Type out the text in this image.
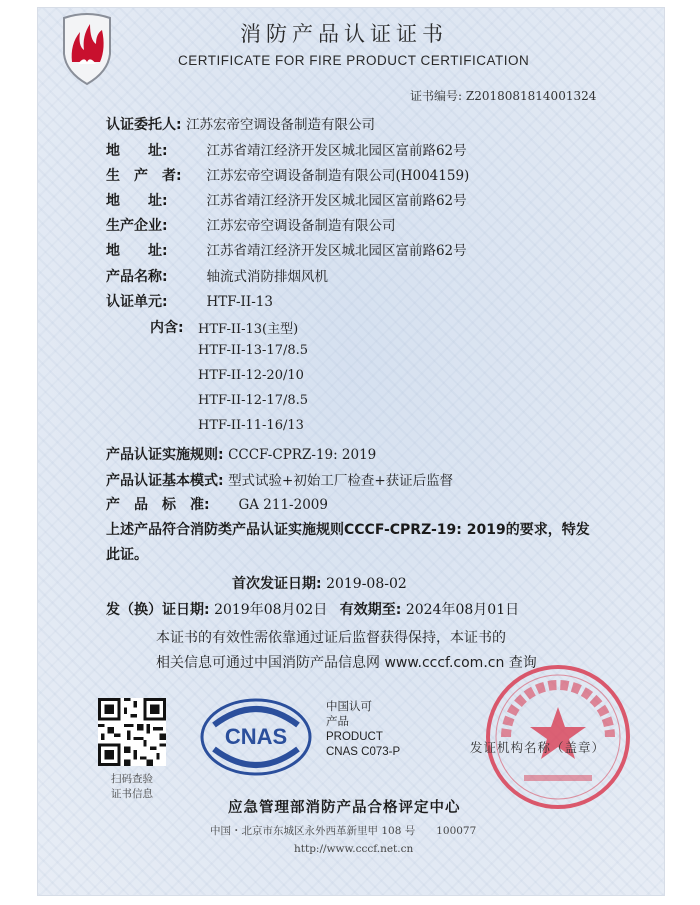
消防产品认证证书
CERTIFICATE FOR FIRE PRODUCT CERTIFICATION
证书编号: Z2018081814001324
认证委托人: 江苏宏帝空调设备制造有限公司
地　　址:	江苏省靖江经济开发区城北园区富前路62号
生　产　者: 江苏宏帝空调设备制造有限公司(H004159)
地　　址:	江苏省靖江经济开发区城北园区富前路62号
生产企业:	江苏宏帝空调设备制造有限公司
地　　址:	江苏省靖江经济开发区城北园区富前路62号
产品名称:	轴流式消防排烟风机
认证单元:	HTF-II-13
内含: HTF-II-13(主型)
HTF-II-13-17/8.5
HTF-II-12-20/10
HTF-II-12-17/8.5
HTF-II-11-16/13
产品认证实施规则: CCCF-CPRZ-19: 2019
产品认证基本模式: 型式试验+初始工厂检查+获证后监督
产　品　标　准: GA 211-2009
上述产品符合消防类产品认证实施规则CCCF-CPRZ-19: 2019的要求，特发
此证。
首次发证日期: 2019-08-02
发（换）证日期: 2019年08月02日 有效期至: 2024年08月01日
本证书的有效性需依靠通过证后监督获得保持，本证书的
相关信息可通过中国消防产品信息网 www.cccf.com.cn 查询
扫码查验
证书信息
CNAS
中国认可
产品
PRODUCT
CNAS C073-P	发证机构名称（盖章）
应急管理部消防产品合格评定中心
中国・北京市东城区永外西革新里甲 108 号　　100077
http://www.cccf.net.cn
